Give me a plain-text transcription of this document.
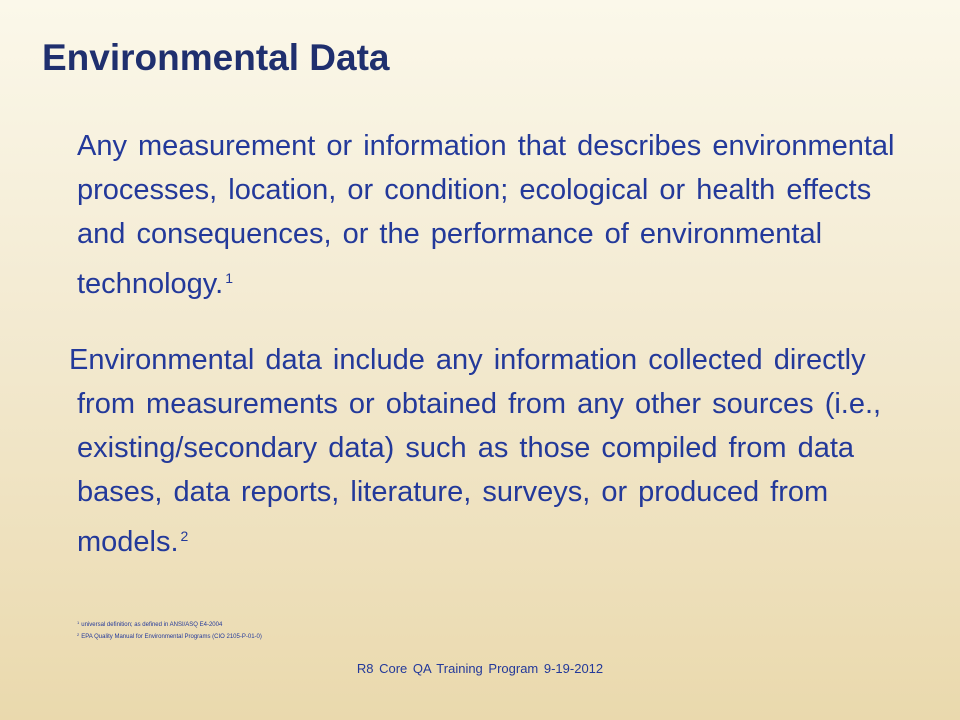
Environmental Data

Any measurement or information that describes environmental processes, location, or condition; ecological or health effects and consequences, or the performance of environmental technology. $^1$

Environmental data include any information collected directly from measurements or obtained from any other sources (i.e., existing/secondary data) such as those compiled from data bases, data reports, literature, surveys, or produced from models. $^2$

$^1$ universal definition; as defined in ANSI/ASQ E4-2004
$^2$ EPA Quality Manual for Environmental Programs (CIO 2105-P-01-0)
R8 Core QA Training Program 9-19-2012
